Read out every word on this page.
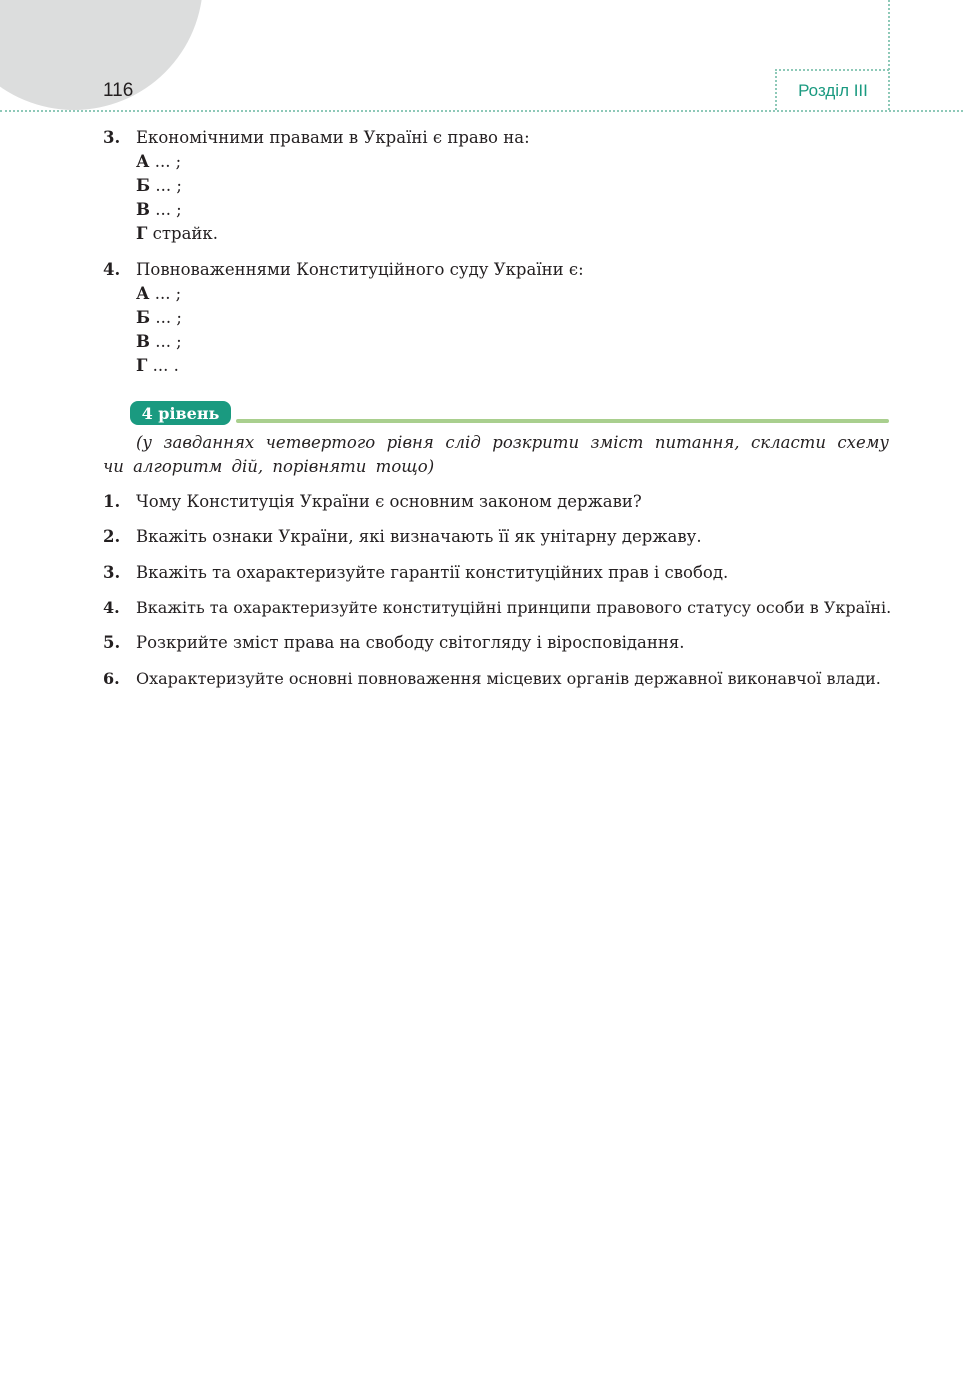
116	Розділ III
3. Економічними правами в Україні є право на:
А ... ;
Б ... ;
В ... ;
Г страйк.
4. Повноваженнями Конституційного суду України є:
А ... ;
Б ... ;
В ... ;
Г ... .
4 рівень
(у завданнях четвертого рівня слід розкрити зміст питання, скласти схему чи алгоритм дій, порівняти тощо)
1. Чому Конституція України є основним законом держави?
2. Вкажіть ознаки України, які визначають її як унітарну державу.
3. Вкажіть та охарактеризуйте гарантії конституційних прав і свобод.
4. Вкажіть та охарактеризуйте конституційні принципи правового статусу особи в Україні.
5. Розкрийте зміст права на свободу світогляду і віросповідання.
6. Охарактеризуйте основні повноваження місцевих органів державної виконавчої влади.
